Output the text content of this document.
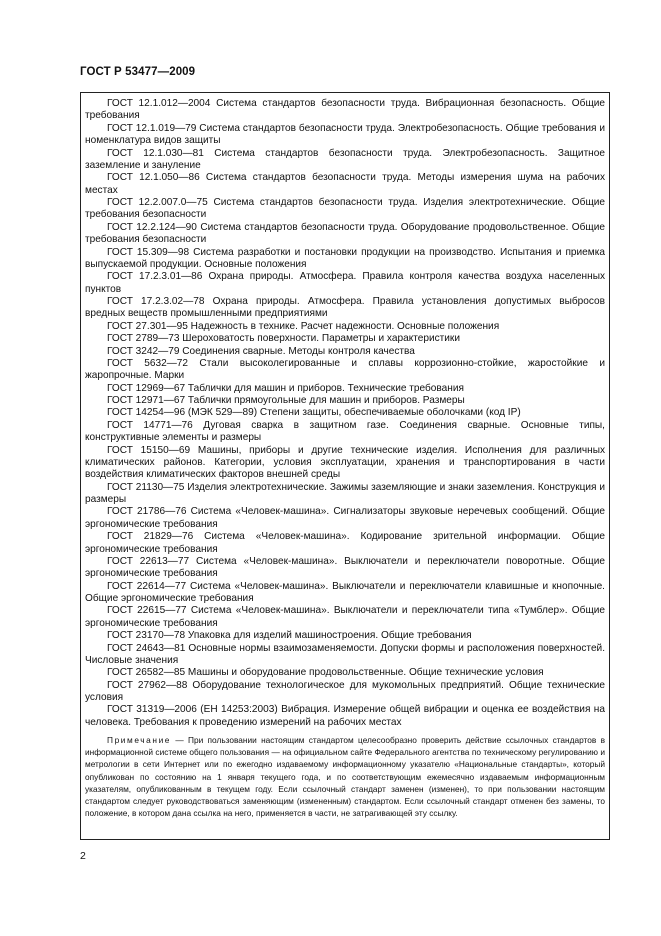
ГОСТ Р 53477—2009

ГОСТ 12.1.012—2004 Система стандартов безопасности труда. Вибрационная безопасность. Общие требования

ГОСТ 12.1.019—79 Система стандартов безопасности труда. Электробезопасность. Общие требования и номенклатура видов защиты

ГОСТ 12.1.030—81 Система стандартов безопасности труда. Электробезопасность. Защитное заземление и зануление

ГОСТ 12.1.050—86 Система стандартов безопасности труда. Методы измерения шума на рабочих местах

ГОСТ 12.2.007.0—75 Система стандартов безопасности труда. Изделия электротехнические. Общие требования безопасности

ГОСТ 12.2.124—90 Система стандартов безопасности труда. Оборудование продовольственное. Общие требования безопасности

ГОСТ 15.309—98 Система разработки и постановки продукции на производство. Испытания и приемка выпускаемой продукции. Основные положения

ГОСТ 17.2.3.01—86 Охрана природы. Атмосфера. Правила контроля качества воздуха населенных пунктов

ГОСТ 17.2.3.02—78 Охрана природы. Атмосфера. Правила установления допустимых выбросов вредных веществ промышленными предприятиями

ГОСТ 27.301—95 Надежность в технике. Расчет надежности. Основные положения

ГОСТ 2789—73 Шероховатость поверхности. Параметры и характеристики

ГОСТ 3242—79 Соединения сварные. Методы контроля качества

ГОСТ 5632—72 Стали высоколегированные и сплавы коррозионно-стойкие, жаростойкие и жаропрочные. Марки

ГОСТ 12969—67 Таблички для машин и приборов. Технические требования

ГОСТ 12971—67 Таблички прямоугольные для машин и приборов. Размеры

ГОСТ 14254—96 (МЭК 529—89) Степени защиты, обеспечиваемые оболочками (код IP)

ГОСТ 14771—76 Дуговая сварка в защитном газе. Соединения сварные. Основные типы, конструктивные элементы и размеры

ГОСТ 15150—69 Машины, приборы и другие технические изделия. Исполнения для различных климатических районов. Категории, условия эксплуатации, хранения и транспортирования в части воздействия климатических факторов внешней среды

ГОСТ 21130—75 Изделия электротехнические. Зажимы заземляющие и знаки заземления. Конструкция и размеры

ГОСТ 21786—76 Система «Человек-машина». Сигнализаторы звуковые неречевых сообщений. Общие эргономические требования

ГОСТ 21829—76 Система «Человек-машина». Кодирование зрительной информации. Общие эргономические требования

ГОСТ 22613—77 Система «Человек-машина». Выключатели и переключатели поворотные. Общие эргономические требования

ГОСТ 22614—77 Система «Человек-машина». Выключатели и переключатели клавишные и кнопочные. Общие эргономические требования

ГОСТ 22615—77 Система «Человек-машина». Выключатели и переключатели типа «Тумблер». Общие эргономические требования

ГОСТ 23170—78 Упаковка для изделий машиностроения. Общие требования

ГОСТ 24643—81 Основные нормы взаимозаменяемости. Допуски формы и расположения поверхностей. Числовые значения

ГОСТ 26582—85 Машины и оборудование продовольственные. Общие технические условия

ГОСТ 27962—88 Оборудование технологическое для мукомольных предприятий. Общие технические условия

ГОСТ 31319—2006 (ЕН 14253:2003) Вибрация. Измерение общей вибрации и оценка ее воздействия на человека. Требования к проведению измерений на рабочих местах

Примечание — При пользовании настоящим стандартом целесообразно проверить действие ссылочных стандартов в информационной системе общего пользования — на официальном сайте Федерального агентства по техническому регулированию и метрологии в сети Интернет или по ежегодно издаваемому информационному указателю «Национальные стандарты», который опубликован по состоянию на 1 января текущего года, и по соответствующим ежемесячно издаваемым информационным указателям, опубликованным в текущем году. Если ссылочный стандарт заменен (изменен), то при пользовании настоящим стандартом следует руководствоваться заменяющим (измененным) стандартом. Если ссылочный стандарт отменен без замены, то положение, в котором дана ссылка на него, применяется в части, не затрагивающей эту ссылку.

2
